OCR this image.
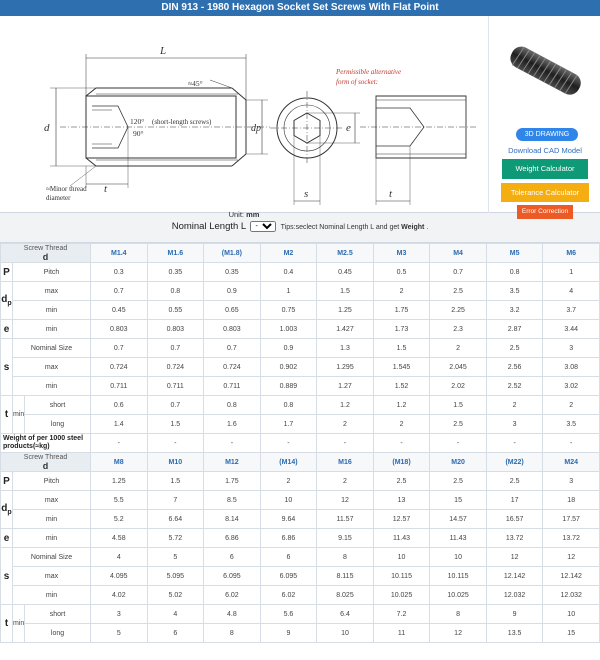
DIN 913 - 1980 Hexagon Socket Set Screws With Flat Point
L
d	dp	e
s	t
t
≈45°
120°
90°
(short-length screws)
≈Minor thread
diameter
Permissible alternative
form of socket:
Unit: mm
3D DRAWING
Download CAD Model
Weight Calculator
Tolerance Calculator
Error Correction
Nominal Length L
-	Tips:seclect Nominal Length L and get Weight .
Screw Thread
d			M1.4	M1.6	(M1.8)	M2	M2.5	M3	M4	M5	M6
P	Pitch		0.3	0.35	0.35	0.4	0.45	0.5	0.7	0.8	1
$d_p$	max		0.7	0.8	0.9	1	1.5	2	2.5	3.5	4
	min		0.45	0.55	0.65	0.75	1.25	1.75	2.25	3.2	3.7
e	min		0.803	0.803	0.803	1.003	1.427	1.73	2.3	2.87	3.44
s	Nominal Size		0.7	0.7	0.7	0.9	1.3	1.5	2	2.5	3
	max		0.724	0.724	0.724	0.902	1.295	1.545	2.045	2.56	3.08
	min		0.711	0.711	0.711	0.889	1.27	1.52	2.02	2.52	3.02
t	min	short	0.6	0.7	0.8	0.8	1.2	1.2	1.5	2	2
		long	1.4	1.5	1.6	1.7	2	2	2.5	3	3.5
Weight of per 1000 steel products(≈kg)			-	-	-	-	-	-	-	-	-

Screw Thread
d			M8	M10	M12	(M14)	M16	(M18)	M20	(M22)	M24
P	Pitch		1.25	1.5	1.75	2	2	2.5	2.5	2.5	3
$d_p$	max		5.5	7	8.5	10	12	13	15	17	18
	min		5.2	6.64	8.14	9.64	11.57	12.57	14.57	16.57	17.57
e	min		4.58	5.72	6.86	6.86	9.15	11.43	11.43	13.72	13.72
s	Nominal Size		4	5	6	6	8	10	10	12	12
	max		4.095	5.095	6.095	6.095	8.115	10.115	10.115	12.142	12.142
	min		4.02	5.02	6.02	6.02	8.025	10.025	10.025	12.032	12.032
t	min	short	3	4	4.8	5.6	6.4	7.2	8	9	10
		long	5	6	8	9	10	11	12	13.5	15
